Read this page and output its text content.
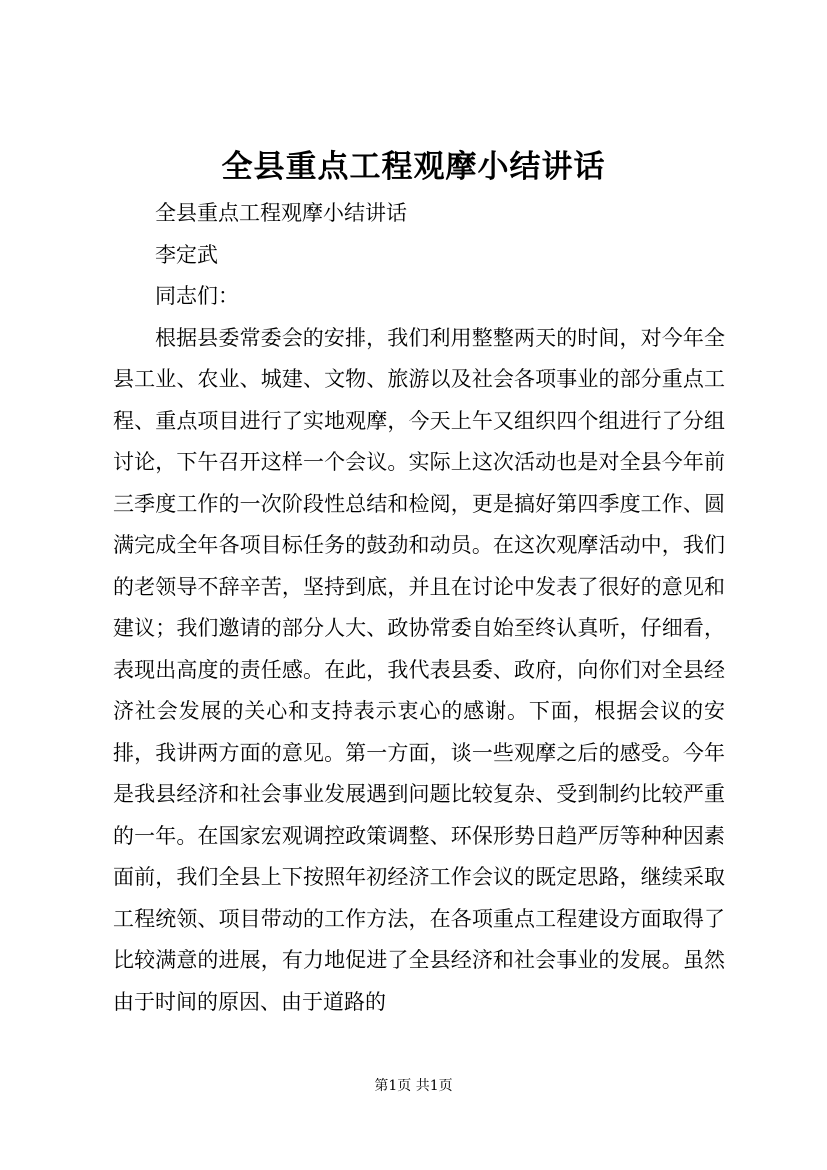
全县重点工程观摩小结讲话

全县重点工程观摩小结讲话

李定武

同志们：

根据县委常委会的安排，我们利用整整两天的时间，对今年全县工业、农业、城建、文物、旅游以及社会各项事业的部分重点工程、重点项目进行了实地观摩，今天上午又组织四个组进行了分组讨论，下午召开这样一个会议。实际上这次活动也是对全县今年前三季度工作的一次阶段性总结和检阅，更是搞好第四季度工作、圆满完成全年各项目标任务的鼓劲和动员。在这次观摩活动中，我们的老领导不辞辛苦，坚持到底，并且在讨论中发表了很好的意见和建议；我们邀请的部分人大、政协常委自始至终认真听，仔细看，表现出高度的责任感。在此，我代表县委、政府，向你们对全县经济社会发展的关心和支持表示衷心的感谢。下面，根据会议的安排，我讲两方面的意见。第一方面，谈一些观摩之后的感受。今年是我县经济和社会事业发展遇到问题比较复杂、受到制约比较严重的一年。在国家宏观调控政策调整、环保形势日趋严厉等种种因素面前，我们全县上下按照年初经济工作会议的既定思路，继续采取工程统领、项目带动的工作方法，在各项重点工程建设方面取得了比较满意的进展，有力地促进了全县经济和社会事业的发展。虽然由于时间的原因、由于道路的

第1页 共1页
